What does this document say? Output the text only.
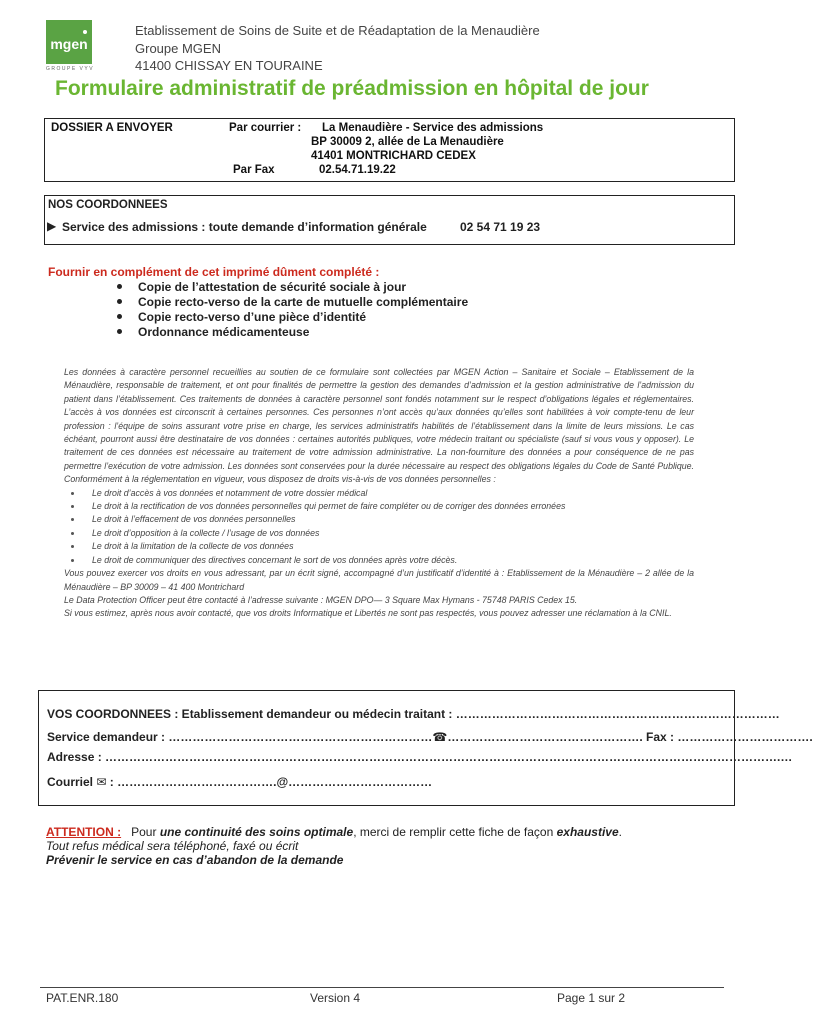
mgen
GROUPE VYV
Etablissement de Soins de Suite et de Réadaptation de la Menaudière
Groupe MGEN
41400 CHISSAY EN TOURAINE
Formulaire administratif de préadmission en hôpital de jour
DOSSIER A ENVOYER	Par courrier : La Menaudière - Service des admissions
BP 30009 2, allée de La Menaudière
41401 MONTRICHARD CEDEX
Par Fax	02.54.71.19.22
NOS COORDONNEES
▶ Service des admissions : toute demande d’information générale	02 54 71 19 23
Fournir en complément de cet imprimé dûment complété :
Copie de l’attestation de sécurité sociale à jour
Copie recto-verso de la carte de mutuelle complémentaire
Copie recto-verso d’une pièce d’identité
Ordonnance médicamenteuse

Les données à caractère personnel recueillies au soutien de ce formulaire sont collectées par MGEN Action – Sanitaire et Sociale – Etablissement de la Ménaudière, responsable de traitement, et ont pour finalités de permettre la gestion des demandes d’admission et la gestion administrative de l’admission du patient dans l’établissement. Ces traitements de données à caractère personnel sont fondés notamment sur le respect d’obligations légales et réglementaires. L’accès à vos données est circonscrit à certaines personnes. Ces personnes n’ont accès qu’aux données qu’elles sont habilitées à voir compte-tenu de leur profession : l’équipe de soins assurant votre prise en charge, les services administratifs habilités de l’établissement dans la limite de leurs missions. Le cas échéant, pourront aussi être destinataire de vos données : certaines autorités publiques, votre médecin traitant ou spécialiste (sauf si vous vous y opposer). Le traitement de ces données est nécessaire au traitement de votre admission administrative. La non-fourniture des données a pour conséquence de ne pas permettre l’exécution de votre admission. Les données sont conservées pour la durée nécessaire au respect des obligations légales du Code de Santé Publique. Conformément à la réglementation en vigueur, vous disposez de droits vis-à-vis de vos données personnelles :

Le droit d’accès à vos données et notamment de votre dossier médical
Le droit à la rectification de vos données personnelles qui permet de faire compléter ou de corriger des données erronées
Le droit à l’effacement de vos données personnelles
Le droit d’opposition à la collecte / l’usage de vos données
Le droit à la limitation de la collecte de vos données
Le droit de communiquer des directives concernant le sort de vos données après votre décès.

Vous pouvez exercer vos droits en vous adressant, par un écrit signé, accompagné d’un justificatif d’identité à : Etablissement de la Ménaudière – 2 allée de la Ménaudière – BP 30009 – 41 400 Montrichard

Le Data Protection Officer peut être contacté à l’adresse suivante : MGEN DPO— 3 Square Max Hymans - 75748 PARIS Cedex 15.

Si vous estimez, après nous avoir contacté, que vos droits Informatique et Libertés ne sont pas respectés, vous pouvez adresser une réclamation à la CNIL.

VOS COORDONNEES : Etablissement demandeur ou médecin traitant : ………………………………………………………………………
Service demandeur : …………………………………………………………☎…………………………………………. Fax : …………………………….
Adresse : …………………………………………………………………………………………………………………………………………………….…
Courriel ✉ : ………………………………….@………………………………
ATTENTION : Pour une continuité des soins optimale, merci de remplir cette fiche de façon exhaustive.
Tout refus médical sera téléphoné, faxé ou écrit
Prévenir le service en cas d’abandon de la demande
PAT.ENR.180	Version 4	Page 1 sur 2
